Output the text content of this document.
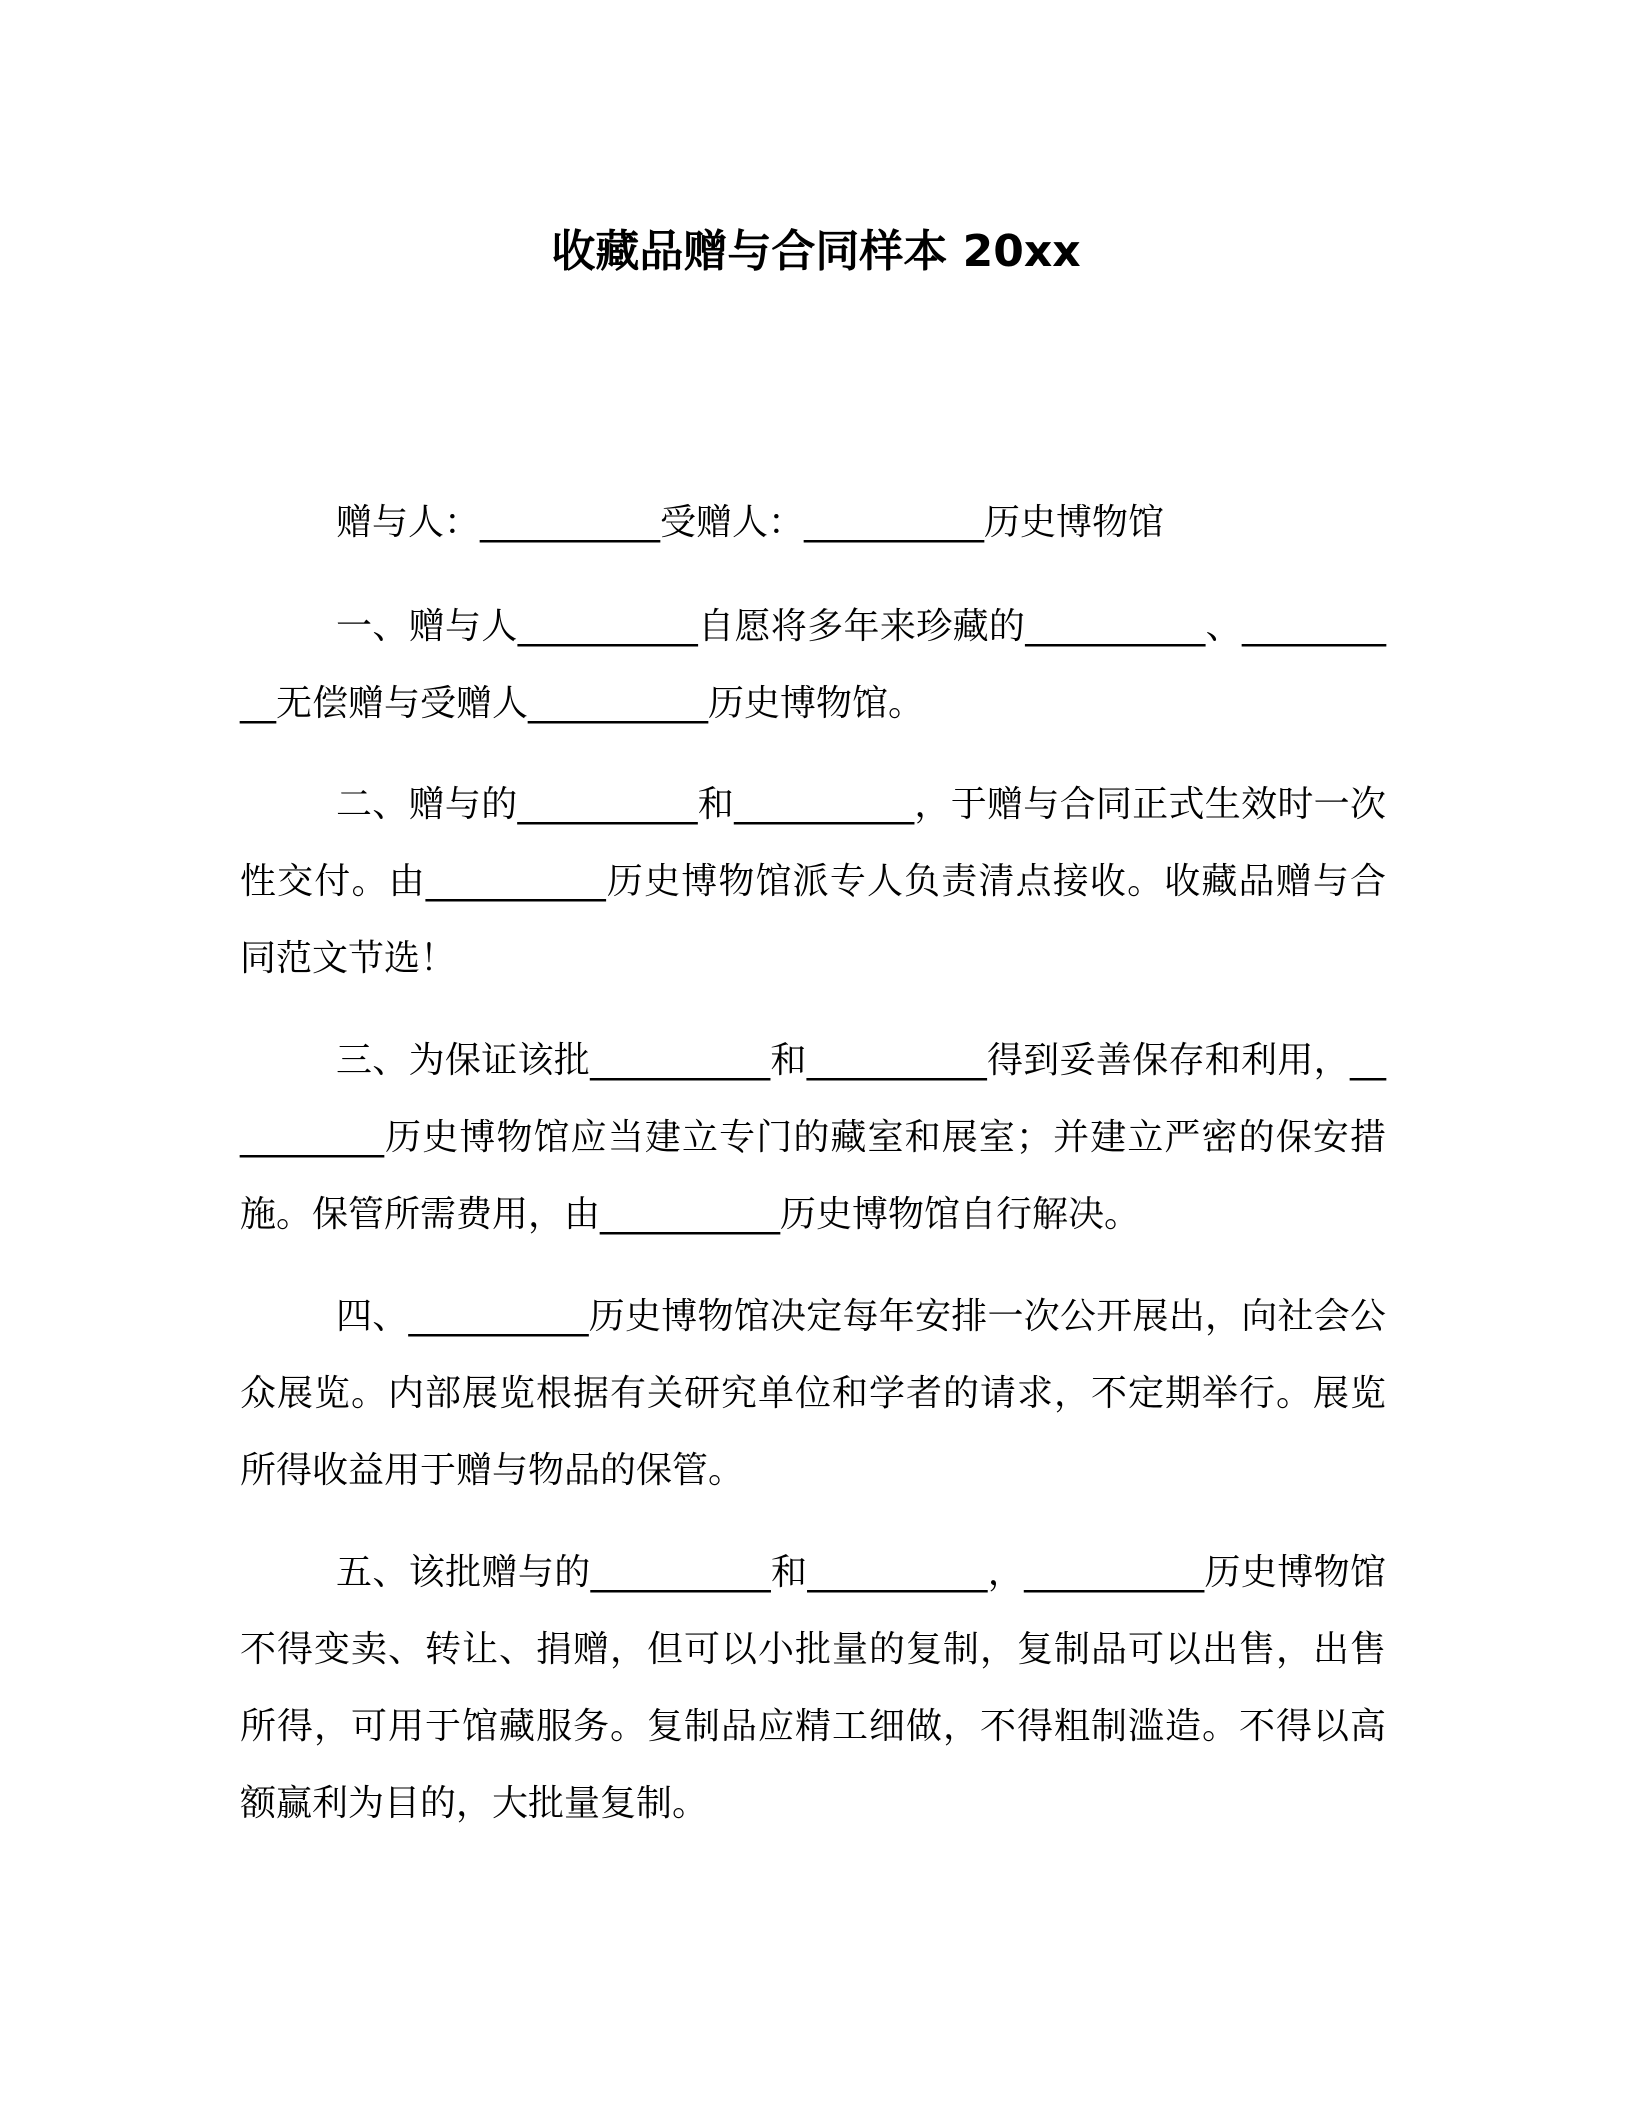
收藏品赠与合同样本 20xx

赠与人：__________受赠人：__________历史博物馆

一、赠与人__________自愿将多年来珍藏的__________、__________无偿赠与受赠人__________历史博物馆。

二、赠与的__________和__________，于赠与合同正式生效时一次性交付。由__________历史博物馆派专人负责清点接收。收藏品赠与合同范文节选！

三、为保证该批__________和__________得到妥善保存和利用，__________历史博物馆应当建立专门的藏室和展室；并建立严密的保安措施。保管所需费用，由__________历史博物馆自行解决。

四、__________历史博物馆决定每年安排一次公开展出，向社会公众展览。内部展览根据有关研究单位和学者的请求，不定期举行。展览所得收益用于赠与物品的保管。

五、该批赠与的__________和__________，__________历史博物馆不得变卖、转让、捐赠，但可以小批量的复制，复制品可以出售，出售所得，可用于馆藏服务。复制品应精工细做，不得粗制滥造。不得以高额赢利为目的，大批量复制。
